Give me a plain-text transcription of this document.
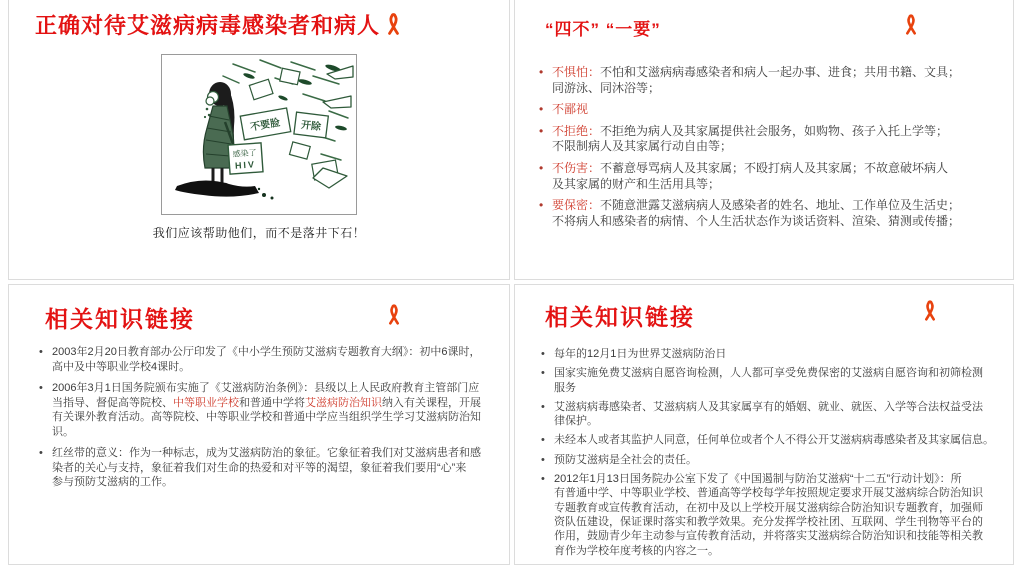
正确对待艾滋病病毒感染者和病人
不要脸 开除
感染了
HIV
我们应该帮助他们，而不是落井下石！
“四不” “一要”
• 不惧怕：不怕和艾滋病病毒感染者和病人一起办事、进食；共用书籍、文具；
同游泳、同沐浴等；
• 不鄙视
• 不拒绝：不拒绝为病人及其家属提供社会服务，如购物、孩子入托上学等；
不限制病人及其家属行动自由等；
• 不伤害：不蓄意辱骂病人及其家属；不殴打病人及其家属；不故意破坏病人
及其家属的财产和生活用具等；
• 要保密：不随意泄露艾滋病病人及感染者的姓名、地址、工作单位及生活史；
不将病人和感染者的病情、个人生活状态作为谈话资料、渲染、猜测或传播；
相关知识链接
• 2003年2月20日教育部办公厅印发了《中小学生预防艾滋病专题教育大纲》：初中6课时，
高中及中等职业学校4课时。
• 2006年3月1日国务院颁布实施了《艾滋病防治条例》：县级以上人民政府教育主管部门应
当指导、督促高等院校、中等职业学校和普通中学将艾滋病防治知识纳入有关课程，开展
有关课外教育活动。高等院校、中等职业学校和普通中学应当组织学生学习艾滋病防治知
识。
• 红丝带的意义：作为一种标志，成为艾滋病防治的象征。它象征着我们对艾滋病患者和感
染者的关心与支持，象征着我们对生命的热爱和对平等的渴望，象征着我们要用“心”来
参与预防艾滋病的工作。
相关知识链接
• 每年的12月1日为世界艾滋病防治日
• 国家实施免费艾滋病自愿咨询检测，人人都可享受免费保密的艾滋病自愿咨询和初筛检测
服务
• 艾滋病病毒感染者、艾滋病病人及其家属享有的婚姻、就业、就医、入学等合法权益受法
律保护。
• 未经本人或者其监护人同意，任何单位或者个人不得公开艾滋病病毒感染者及其家属信息。
• 预防艾滋病是全社会的责任。
• 2012年1月13日国务院办公室下发了《中国遏制与防治艾滋病“十二五”行动计划》：所
有普通中学、中等职业学校、普通高等学校每学年按照规定要求开展艾滋病综合防治知识
专题教育或宣传教育活动，在初中及以上学校开展艾滋病综合防治知识专题教育，加强师
资队伍建设，保证课时落实和教学效果。充分发挥学校社团、互联网、学生刊物等平台的
作用，鼓励青少年主动参与宣传教育活动，并将落实艾滋病综合防治知识和技能等相关教
育作为学校年度考核的内容之一。
